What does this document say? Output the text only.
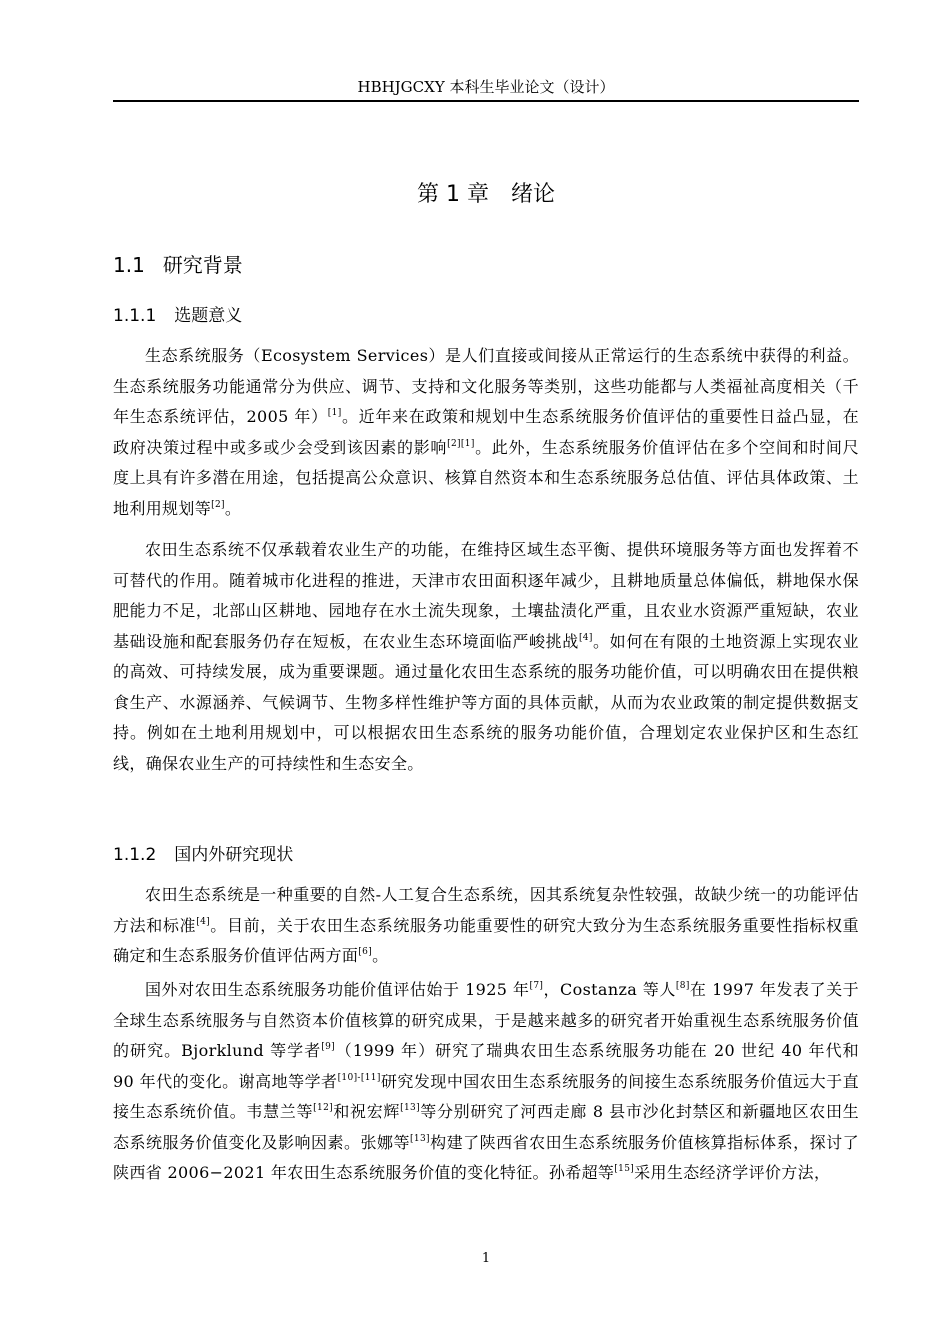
HBHJGCXY 本科生毕业论文（设计）
第 1 章　绪论
1.1 研究背景
1.1.1 选题意义
生态系统服务（Ecosystem Services）是人们直接或间接从正常运行的生态系统中获得的利益。生态系统服务功能通常分为供应、调节、支持和文化服务等类别，这些功能都与人类福祉高度相关（千年生态系统评估，2005 年）[1]。近年来在政策和规划中生态系统服务价值评估的重要性日益凸显，在政府决策过程中或多或少会受到该因素的影响[2][1]。此外，生态系统服务价值评估在多个空间和时间尺度上具有许多潜在用途，包括提高公众意识、核算自然资本和生态系统服务总估值、评估具体政策、土地利用规划等[2]。
农田生态系统不仅承载着农业生产的功能，在维持区域生态平衡、提供环境服务等方面也发挥着不可替代的作用。随着城市化进程的推进，天津市农田面积逐年减少，且耕地质量总体偏低，耕地保水保肥能力不足，北部山区耕地、园地存在水土流失现象，土壤盐渍化严重，且农业水资源严重短缺，农业基础设施和配套服务仍存在短板，在农业生态环境面临严峻挑战[4]。如何在有限的土地资源上实现农业的高效、可持续发展，成为重要课题。通过量化农田生态系统的服务功能价值，可以明确农田在提供粮食生产、水源涵养、气候调节、生物多样性维护等方面的具体贡献，从而为农业政策的制定提供数据支持。例如在土地利用规划中，可以根据农田生态系统的服务功能价值，合理划定农业保护区和生态红线，确保农业生产的可持续性和生态安全。
1.1.2 国内外研究现状
农田生态系统是一种重要的自然-人工复合生态系统，因其系统复杂性较强，故缺少统一的功能评估方法和标准[4]。目前，关于农田生态系统服务功能重要性的研究大致分为生态系统服务重要性指标权重确定和生态系服务价值评估两方面[6]。
国外对农田生态系统服务功能价值评估始于 1925 年[7]，Costanza 等人[8]在 1997 年发表了关于全球生态系统服务与自然资本价值核算的研究成果，于是越来越多的研究者开始重视生态系统服务价值的研究。Bjorklund 等学者[9]（1999 年）研究了瑞典农田生态系统服务功能在 20 世纪 40 年代和 90 年代的变化。谢高地等学者[10]-[11]研究发现中国农田生态系统服务的间接生态系统服务价值远大于直接生态系统价值。韦慧兰等[12]和祝宏辉[13]等分别研究了河西走廊 8 县市沙化封禁区和新疆地区农田生态系统服务价值变化及影响因素。张娜等[13]构建了陕西省农田生态系统服务价值核算指标体系，探讨了陕西省 2006−2021 年农田生态系统服务价值的变化特征。孙希超等[15]采用生态经济学评价方法，
1
